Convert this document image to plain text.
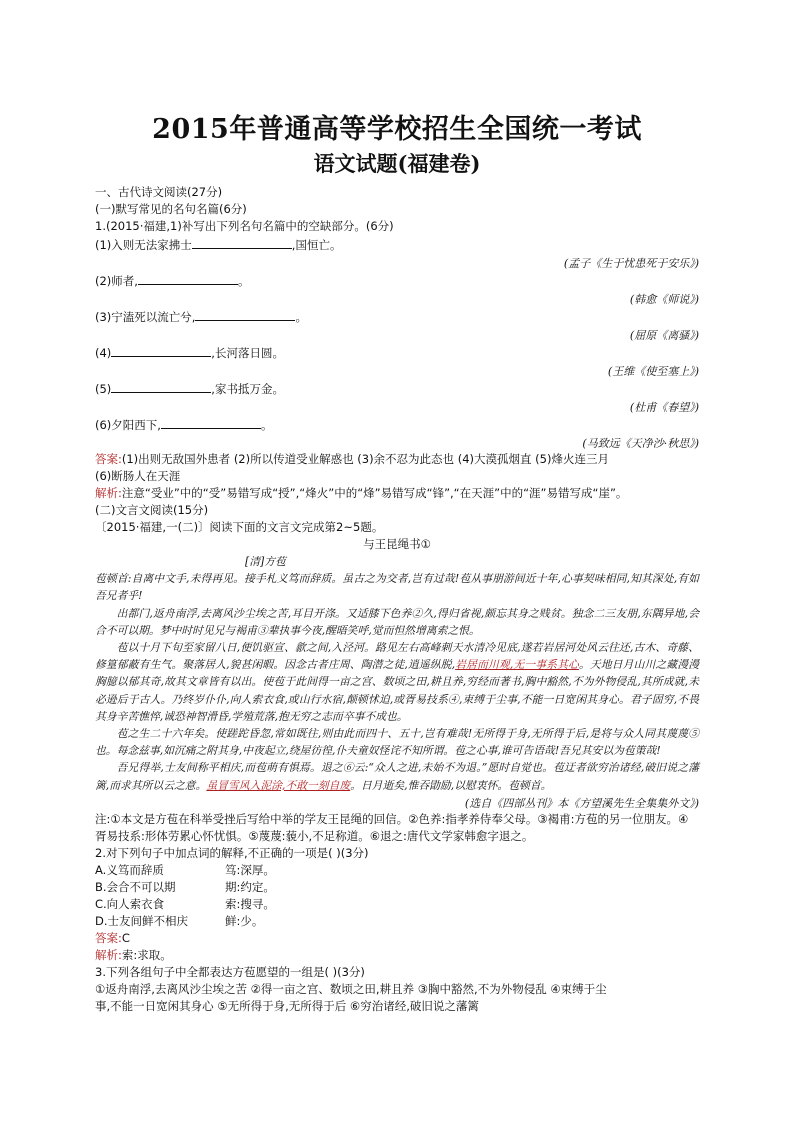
2015年普通高等学校招生全国统一考试
语文试题(福建卷)

一、古代诗文阅读(27分)

(一)默写常见的名句名篇(6分)

1.(2015·福建,1)补写出下列名句名篇中的空缺部分。(6分)

(1)入则无法家拂士	,国恒亡。

(孟子《生于忧患死于安乐》)

(2)师者,	。

(韩愈《师说》)

(3)宁溘死以流亡兮,	。

(屈原《离骚》)

(4)	,长河落日圆。

(王维《使至塞上》)

(5)	,家书抵万金。

(杜甫《春望》)

(6)夕阳西下,	。

(马致远《天净沙·秋思》)

答案:(1)出则无敌国外患者 (2)所以传道受业解惑也 (3)余不忍为此态也 (4)大漠孤烟直 (5)烽火连三月

(6)断肠人在天涯

解析:注意“受业”中的“受”易错写成“授”,“烽火”中的“烽”易错写成“锋”,“在天涯”中的“涯”易错写成“崖”。

(二)文言文阅读(15分)

〔2015·福建,一(二)〕阅读下面的文言文完成第2~5题。

与王昆绳书①

[清]方苞

苞顿首:自离中文手,未得再见。接手札义笃而辞质。虽古之为交者,岂有过哉!苞从事朋游间近十年,心事契味相同,知其深处,有如吾兄者乎!

出都门,返舟南浮,去离风沙尘埃之苦,耳目开涤。又适膝下色养②久,得归省视,颇忘其身之贱贫。独念二三友朋,东隅异地,会合不可以期。梦中时时见兄与褐甫③辈执事今夜,醒晤笑呼,觉而怛然增离索之恨。

苞以十月下旬至家留八日,便饥驱宣、歙之间,入泾河。路见左右高峰刺天水清冷见底,遂若岩居河处风云往还,古木、奇藤、修篁郁蔽有生气。聚落居人,貌甚闲暇。因念古者庄周、陶潜之徒,逍遥纵脱,岩居而川观,无一事系其心。天地日月山川之藏漫漫胸臆以郁其奇,故其文章皆有以出。使苞于此间得一亩之宫、数顷之田,耕且养,穷经而著书,胸中豁然,不为外物侵乱,其所成就,未必逊后于古人。乃终岁仆仆,向人索衣食,或山行水宿,颠顿怵迫,或胥易技系④,束缚于尘事,不能一日宽闲其身心。君子固穷,不畏其身辛苦憔悴,诚恐神智滑昏,学殖荒落,抱无穷之志而卒事不成也。

苞之生二十六年矣。使蹉跎昏忽,常如既往,则由此而四十、五十,岂有难哉!无所得于身,无所得于后,是将与众人同其蔑蔑⑤也。每念兹事,如沉痛之附其身,中夜起立,绕屋彷徨,仆夫童奴怪诧不知所谓。苞之心事,谁可告语哉!吾兄其安以为苞策哉!

吾兄得举,士友间称平相庆,而苞萌有惧焉。退之⑥云:“众人之进,未始不为退。”愿时自觉也。苞迂者欲穷治诸经,破旧说之藩篱,而求其所以云之意。虽冒雪风入泥涂,不敢一刻自废。日月逝矣,惟吞勖励,以慰衷怀。苞顿首。

(选自《四部丛刊》本《方望溪先生全集集外文》)

注:①本文是方苞在科举受挫后写给中举的学友王昆绳的回信。②色养:指孝养侍奉父母。③褐甫:方苞的另一位朋友。④胥易技系:形体劳累心怀忧惧。⑤蔑蔑:藐小,不足称道。⑥退之:唐代文学家韩愈字退之。

2.对下列句子中加点词的解释,不正确的一项是( )(3分)

A.义笃而辞质	笃:深厚。

B.会合不可以期	期:约定。

C.向人索衣食	索:搜寻。

D.士友间鲜不相庆	鲜:少。

答案:C

解析:索:求取。

3.下列各组句子中全都表达方苞愿望的一组是( )(3分)

①返舟南浮,去离风沙尘埃之苦 ②得一亩之宫、数顷之田,耕且养 ③胸中豁然,不为外物侵乱 ④束缚于尘

事,不能一日宽闲其身心 ⑤无所得于身,无所得于后 ⑥穷治诸经,破旧说之藩篱
